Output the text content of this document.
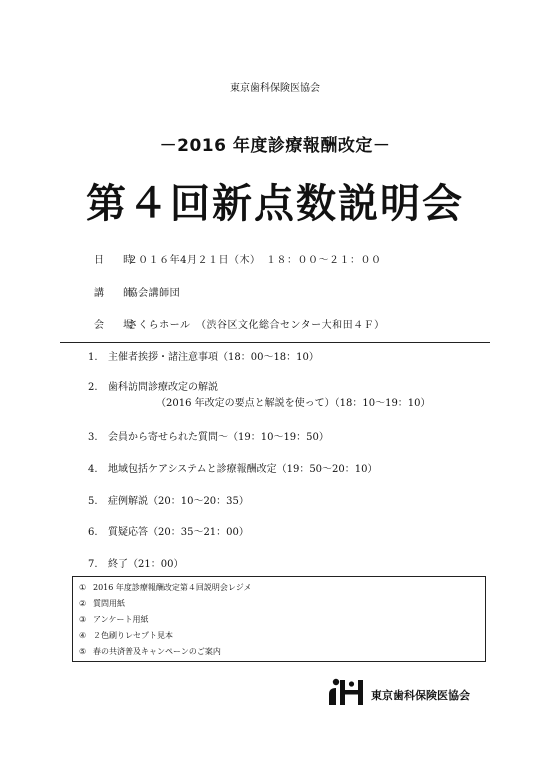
東京歯科保険医協会
－2016 年度診療報酬改定－
第４回新点数説明会
日 時 ２０１６年4月２１日（木）　１８：００～２１：００
講 師 協会講師団
会 場 さくらホール　（渋谷区文化総合センター大和田４Ｆ）
1. 主催者挨拶・諸注意事項（18：00～18：10）
2. 歯科訪問診療改定の解説
（2016 年改定の要点と解説を使って）（18：10～19：10）
3. 会員から寄せられた質問～（19：10～19：50）
4. 地域包括ケアシステムと診療報酬改定（19：50～20：10）
5. 症例解説（20：10～20：35）
6. 質疑応答（20：35～21：00）
7. 終了（21：00）
① 2016 年度診療報酬改定第４回説明会レジメ
② 質問用紙
③ アンケート用紙
④ ２色刷りレセプト見本
⑤ 春の共済普及キャンペーンのご案内
東京歯科保険医協会
